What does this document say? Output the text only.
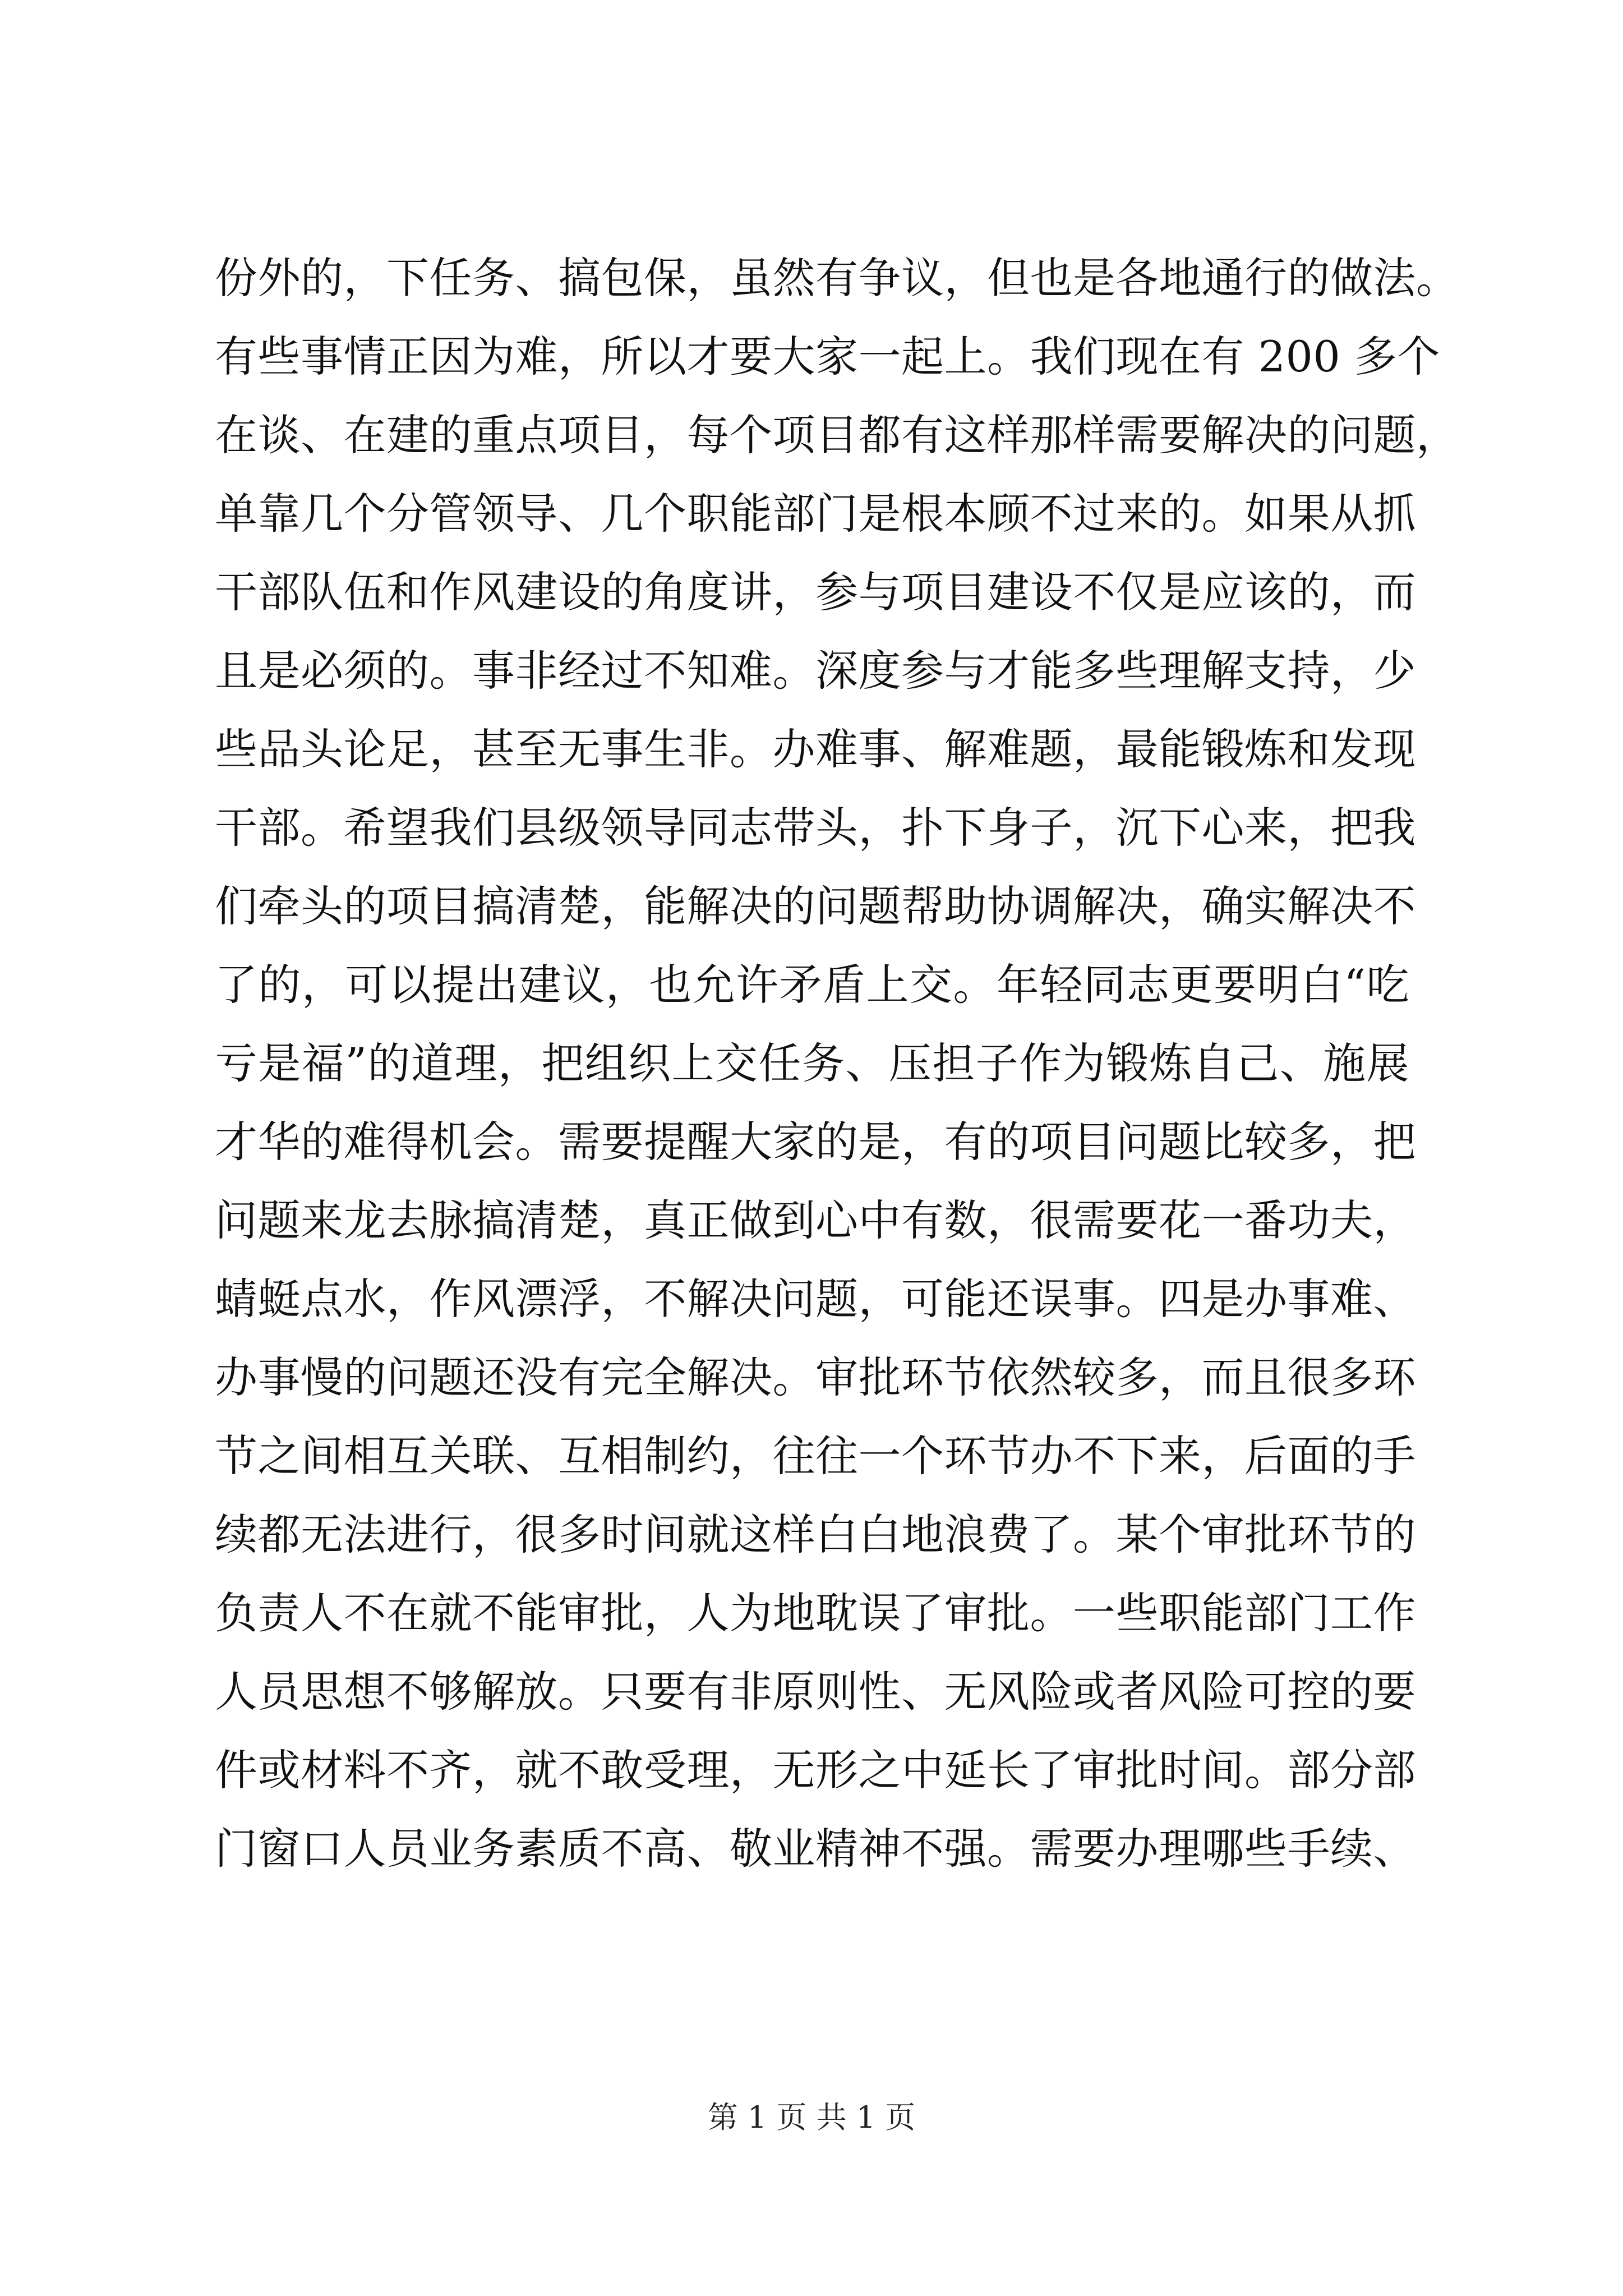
份外的，下任务、搞包保，虽然有争议，但也是各地通行的做法。
有些事情正因为难，所以才要大家一起上。我们现在有 200 多个
在谈、在建的重点项目，每个项目都有这样那样需要解决的问题，
单靠几个分管领导、几个职能部门是根本顾不过来的。如果从抓
干部队伍和作风建设的角度讲，参与项目建设不仅是应该的，而
且是必须的。事非经过不知难。深度参与才能多些理解支持，少
些品头论足，甚至无事生非。办难事、解难题，最能锻炼和发现
干部。希望我们县级领导同志带头，扑下身子，沉下心来，把我
们牵头的项目搞清楚，能解决的问题帮助协调解决，确实解决不
了的，可以提出建议，也允许矛盾上交。年轻同志更要明白“吃
亏是福”的道理，把组织上交任务、压担子作为锻炼自己、施展
才华的难得机会。需要提醒大家的是，有的项目问题比较多，把
问题来龙去脉搞清楚，真正做到心中有数，很需要花一番功夫，
蜻蜓点水，作风漂浮，不解决问题，可能还误事。四是办事难、
办事慢的问题还没有完全解决。审批环节依然较多，而且很多环
节之间相互关联、互相制约，往往一个环节办不下来，后面的手
续都无法进行，很多时间就这样白白地浪费了。某个审批环节的
负责人不在就不能审批，人为地耽误了审批。一些职能部门工作
人员思想不够解放。只要有非原则性、无风险或者风险可控的要
件或材料不齐，就不敢受理，无形之中延长了审批时间。部分部
门窗口人员业务素质不高、敬业精神不强。需要办理哪些手续、
第 1 页 共 1 页
